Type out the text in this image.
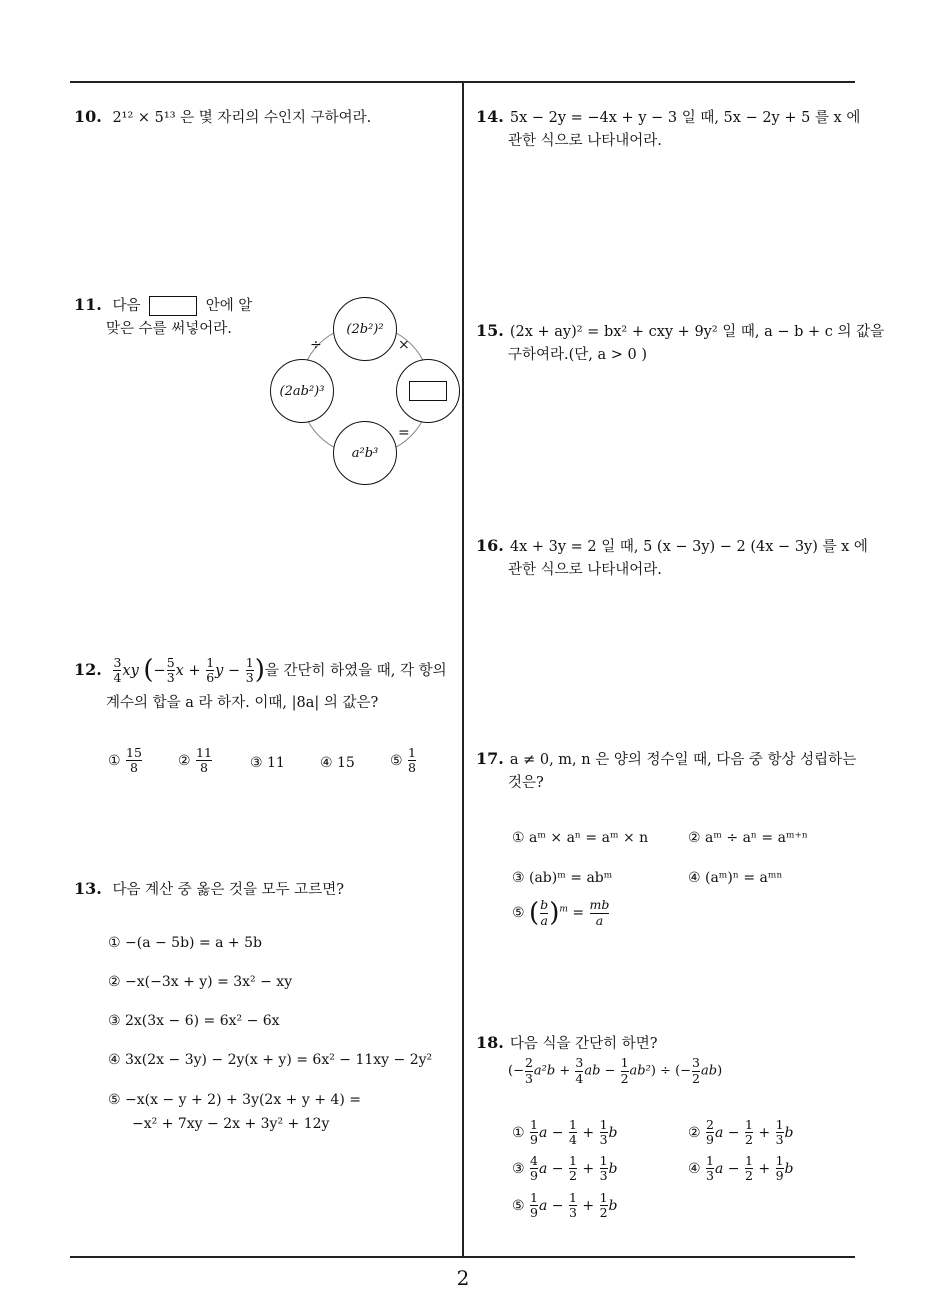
10. 2¹² × 5¹³ 은 몇 자리의 수인지 구하여라.
11. 다음	안에 알
맞은 수를 써넣어라.	(2b²)²
(2ab²)³
a²b³
÷	×
=
12. $\frac{3}{4}$ xy (− $\frac{5}{3}$ $x + \frac{1}{6}$ $y - \frac{1}{3}$ )을 간단히 하였을 때, 각 항의
계수의 합을 a 라 하자. 이때, |8a| 의 값은?
① $\frac{15}{8}$	② $\frac{11}{8}$	③ 11	④ 15	⑤ $\frac{1}{8}$
13. 다음 계산 중 옳은 것을 모두 고르면?
① −(a − 5b) = a + 5b
② −x(−3x + y) = 3x² − xy
③ 2x(3x − 6) = 6x² − 6x
④ 3x(2x − 3y) − 2y(x + y) = 6x² − 11xy − 2y²
⑤ −x(x − y + 2) + 3y(2x + y + 4) =
−x² + 7xy − 2x + 3y² + 12y
14. 5x − 2y = −4x + y − 3 일 때, 5x − 2y + 5 를 x 에
관한 식으로 나타내어라.
15. (2x + ay)² = bx² + cxy + 9y² 일 때, a − b + c 의 값을
구하여라.(단, a > 0 )
16. 4x + 3y = 2 일 때, 5 (x − 3y) − 2 (4x − 3y) 를 x 에
관한 식으로 나타내어라.
17. a ≠ 0, m, n 은 양의 정수일 때, 다음 중 항상 성립하는
것은?
① aᵐ × aⁿ = aᵐ × n	② aᵐ ÷ aⁿ = aᵐ⁺ⁿ
③ (ab)ᵐ = abᵐ	④ (aᵐ)ⁿ = aᵐⁿ
⑤ ( $\frac{b}{a} )^m = \frac{mb}{a}$
18. 다음 식을 간단히 하면?
(− $\frac{2}{3} a^2b + \frac{3}{4}$ ab − $\frac{1}{2} ab^2$) ÷ (− $\frac{3}{2} ab$)
① $\frac{1}{9}$ $a - \frac{1}{4} + \frac{1}{3}$ b	② $\frac{2}{9}$ $a - \frac{1}{2} + \frac{1}{3}$ b
③ $\frac{4}{9}$ $a - \frac{1}{2} + \frac{1}{3}$ b	④ $\frac{1}{3}$ $a - \frac{1}{2} + \frac{1}{9}$ b
⑤ $\frac{1}{9}$ $a - \frac{1}{3} + \frac{1}{2}$ b
2
